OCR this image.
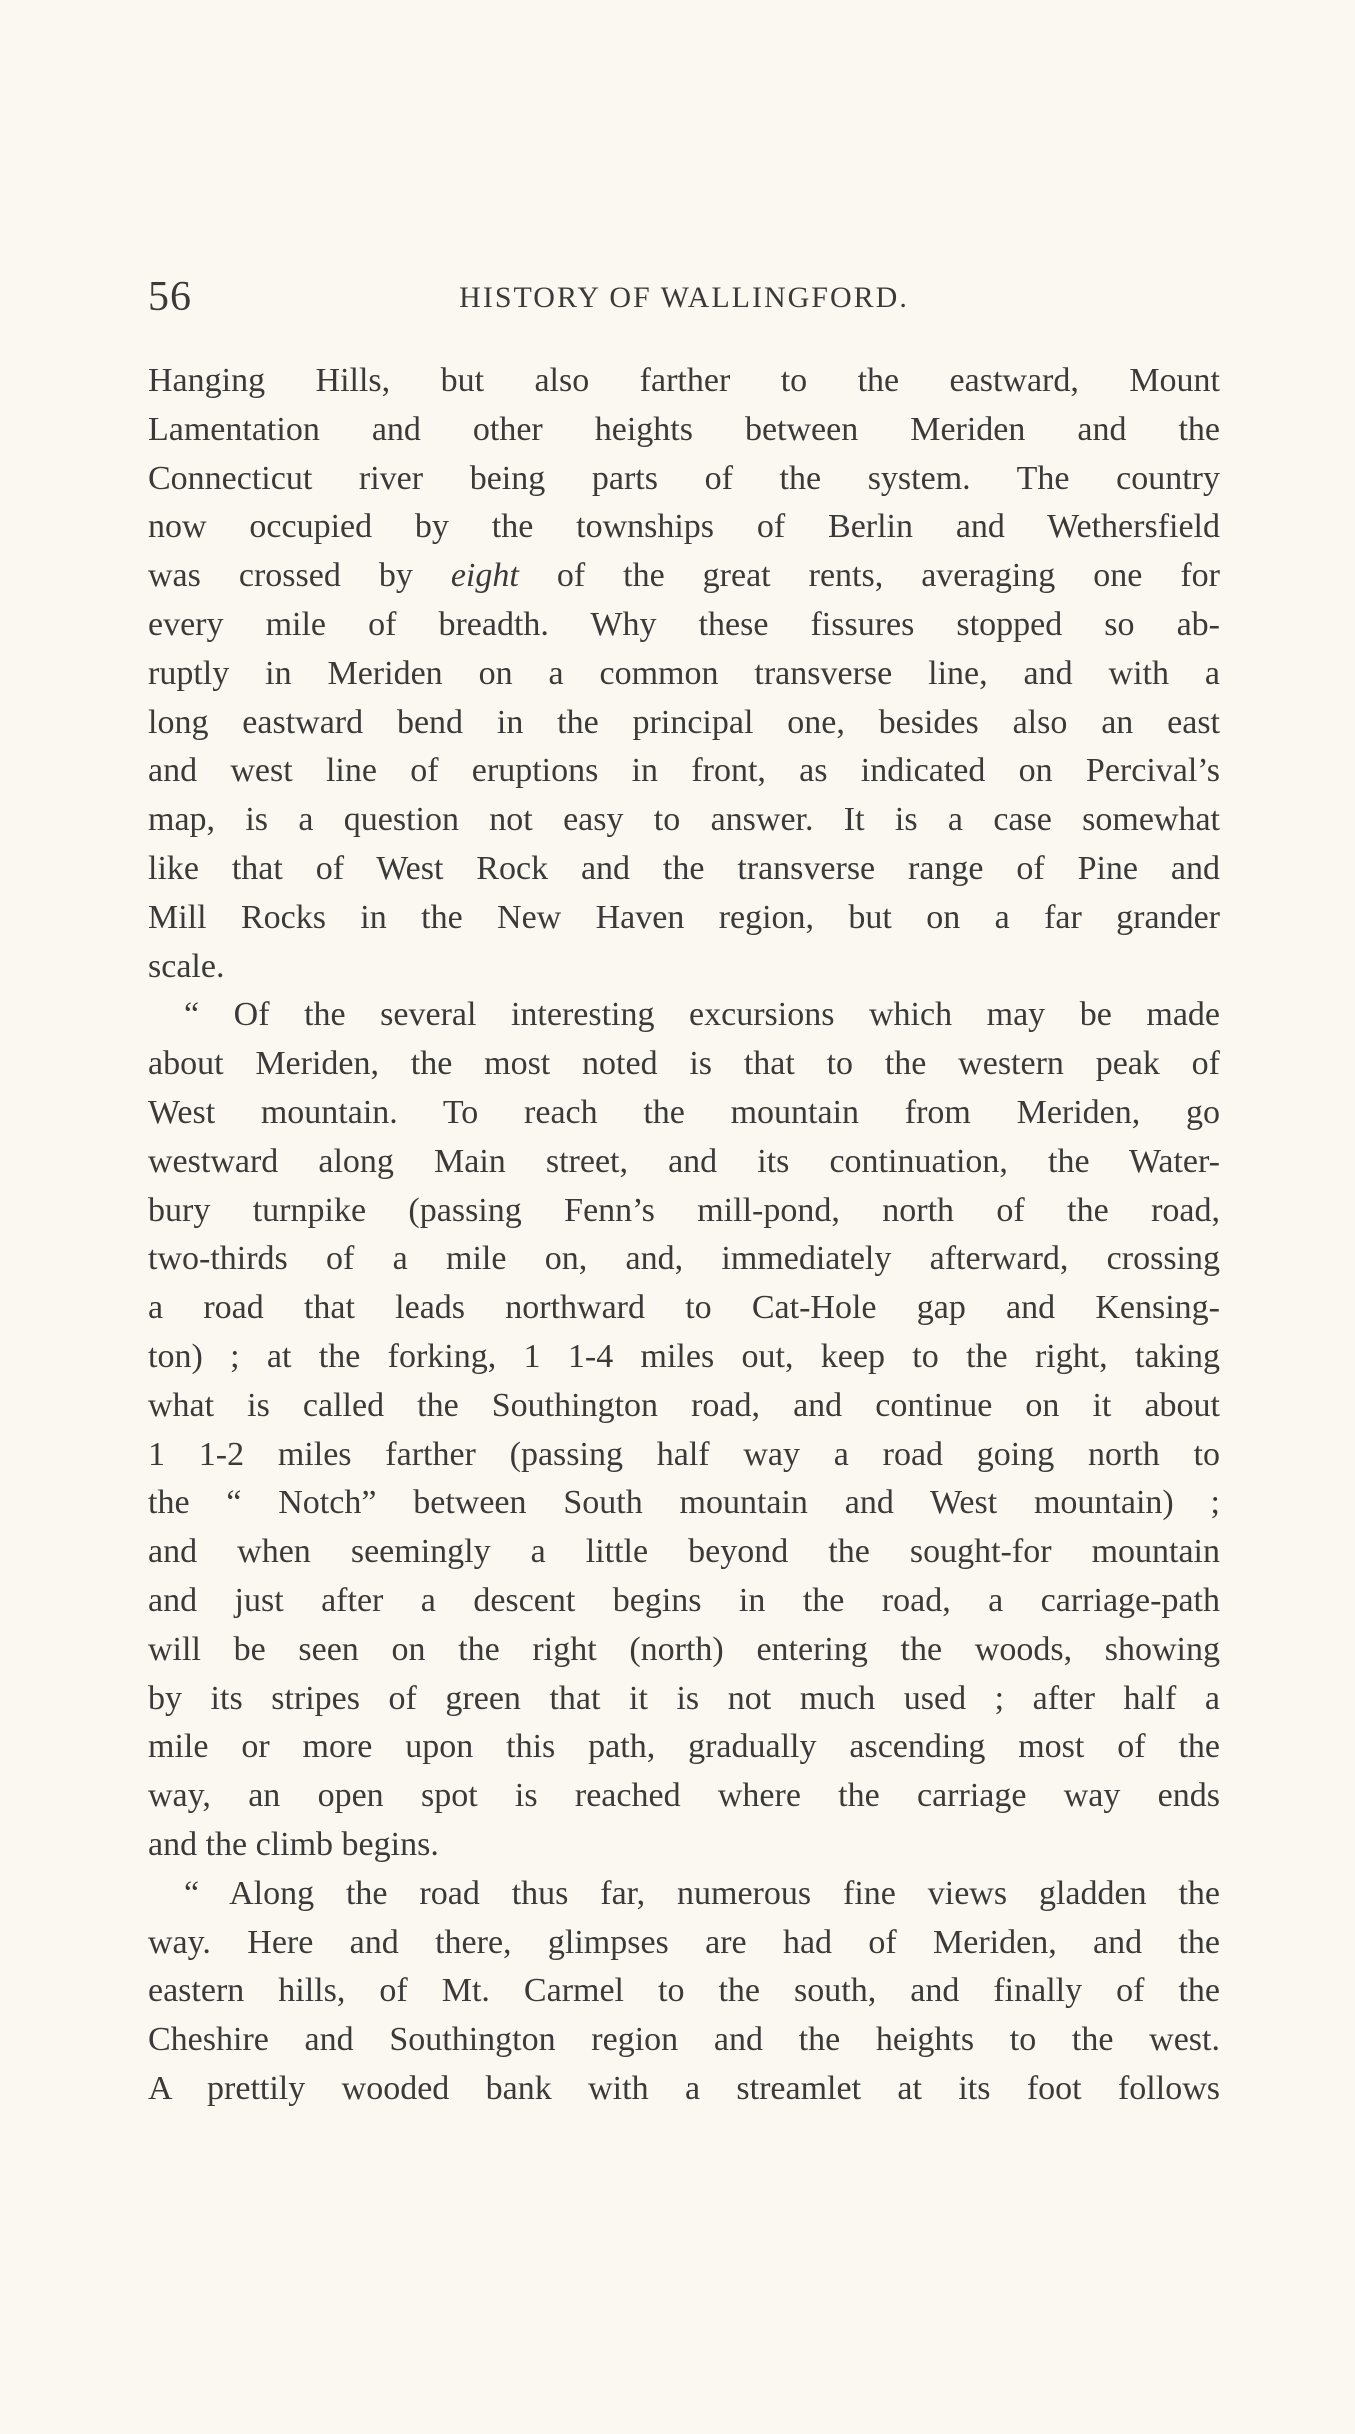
56	HISTORY OF WALLINGFORD.
Hanging Hills, but also farther to the eastward, Mount
Lamentation and other heights between Meriden and the
Connecticut river being parts of the system. The country
now occupied by the townships of Berlin and Wethersfield
was crossed by eight of the great rents, averaging one for
every mile of breadth. Why these fissures stopped so ab-
ruptly in Meriden on a common transverse line, and with a
long eastward bend in the principal one, besides also an east
and west line of eruptions in front, as indicated on Percival’s
map, is a question not easy to answer. It is a case somewhat
like that of West Rock and the transverse range of Pine and
Mill Rocks in the New Haven region, but on a far grander
scale.
“ Of the several interesting excursions which may be made
about Meriden, the most noted is that to the western peak of
West mountain. To reach the mountain from Meriden, go
westward along Main street, and its continuation, the Water-
bury turnpike (passing Fenn’s mill-pond, north of the road,
two-thirds of a mile on, and, immediately afterward, crossing
a road that leads northward to Cat-Hole gap and Kensing-
ton) ; at the forking, 1 1-4 miles out, keep to the right, taking
what is called the Southington road, and continue on it about
1 1-2 miles farther (passing half way a road going north to
the “ Notch” between South mountain and West mountain) ;
and when seemingly a little beyond the sought-for mountain
and just after a descent begins in the road, a carriage-path
will be seen on the right (north) entering the woods, showing
by its stripes of green that it is not much used ; after half a
mile or more upon this path, gradually ascending most of the
way, an open spot is reached where the carriage way ends
and the climb begins.
“ Along the road thus far, numerous fine views gladden the
way. Here and there, glimpses are had of Meriden, and the
eastern hills, of Mt. Carmel to the south, and finally of the
Cheshire and Southington region and the heights to the west.
A prettily wooded bank with a streamlet at its foot follows
